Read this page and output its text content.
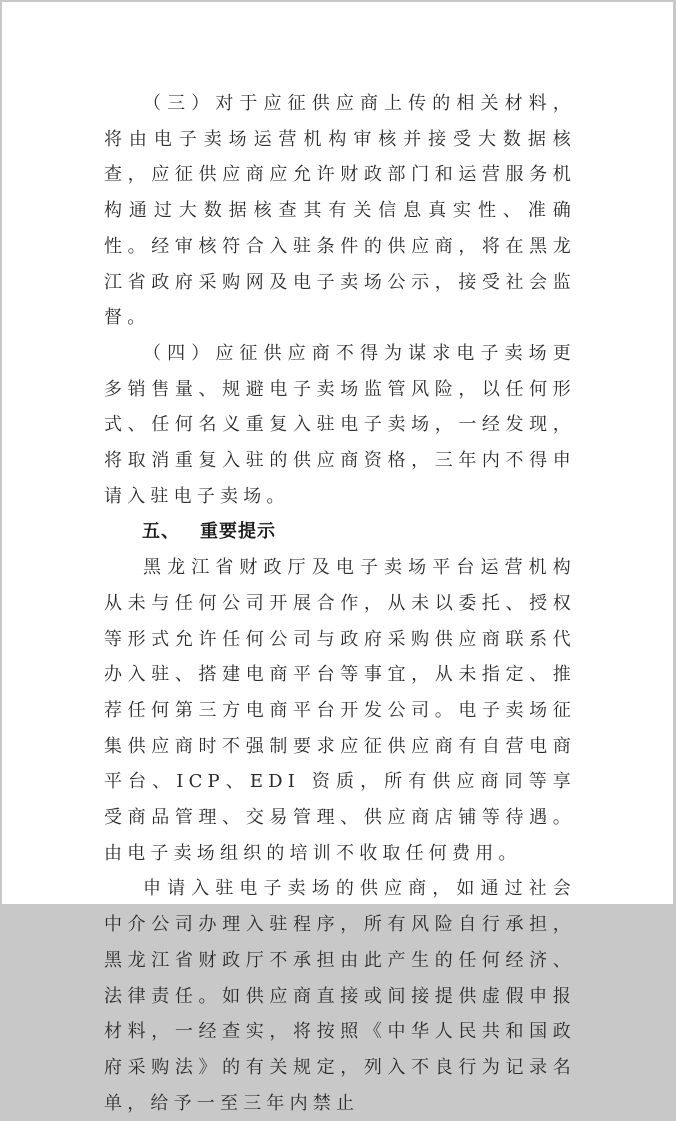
（三）对于应征供应商上传的相关材料，将由电子卖场运营机构审核并接受大数据核查，应征供应商应允许财政部门和运营服务机构通过大数据核查其有关信息真实性、准确性。经审核符合入驻条件的供应商，将在黑龙江省政府采购网及电子卖场公示，接受社会监督。

（四）应征供应商不得为谋求电子卖场更多销售量、规避电子卖场监管风险，以任何形式、任何名义重复入驻电子卖场，一经发现，将取消重复入驻的供应商资格，三年内不得申请入驻电子卖场。

五、 重要提示

黑龙江省财政厅及电子卖场平台运营机构从未与任何公司开展合作，从未以委托、授权等形式允许任何公司与政府采购供应商联系代办入驻、搭建电商平台等事宜，从未指定、推荐任何第三方电商平台开发公司。电子卖场征集供应商时不强制要求应征供应商有自营电商平台、ICP、EDI 资质，所有供应商同等享受商品管理、交易管理、供应商店铺等待遇。由电子卖场组织的培训不收取任何费用。

申请入驻电子卖场的供应商，如通过社会中介公司办理入驻程序，所有风险自行承担，黑龙江省财政厅不承担由此产生的任何经济、法律责任。如供应商直接或间接提供虚假申报材料，一经查实，将按照《中华人民共和国政府采购法》的有关规定，列入不良行为记录名单，给予一至三年内禁止
